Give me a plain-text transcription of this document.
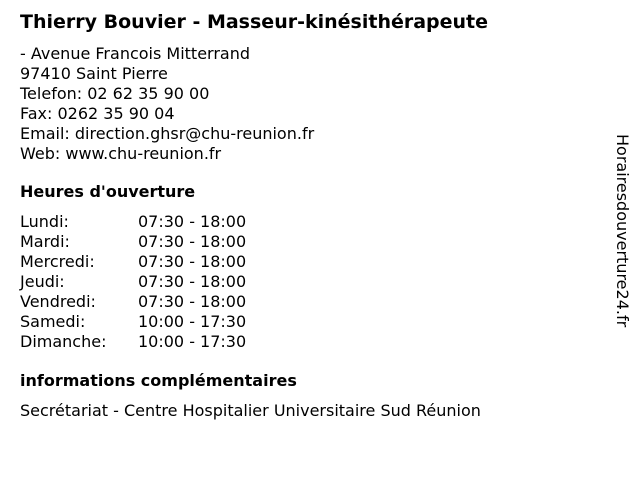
Thierry Bouvier - Masseur-kinésithérapeute
- Avenue Francois Mitterrand
97410 Saint Pierre
Telefon: 02 62 35 90 00
Fax: 0262 35 90 04
Email: direction.ghsr@chu-reunion.fr
Web: www.chu-reunion.fr
Heures d'ouverture
Lundi:	07:30 - 18:00
Mardi:	07:30 - 18:00
Mercredi:	07:30 - 18:00
Jeudi:	07:30 - 18:00
Vendredi:	07:30 - 18:00
Samedi:	10:00 - 17:30
Dimanche:	10:00 - 17:30
informations complémentaires
Secrétariat - Centre Hospitalier Universitaire Sud Réunion
Horairesdouverture24.fr
